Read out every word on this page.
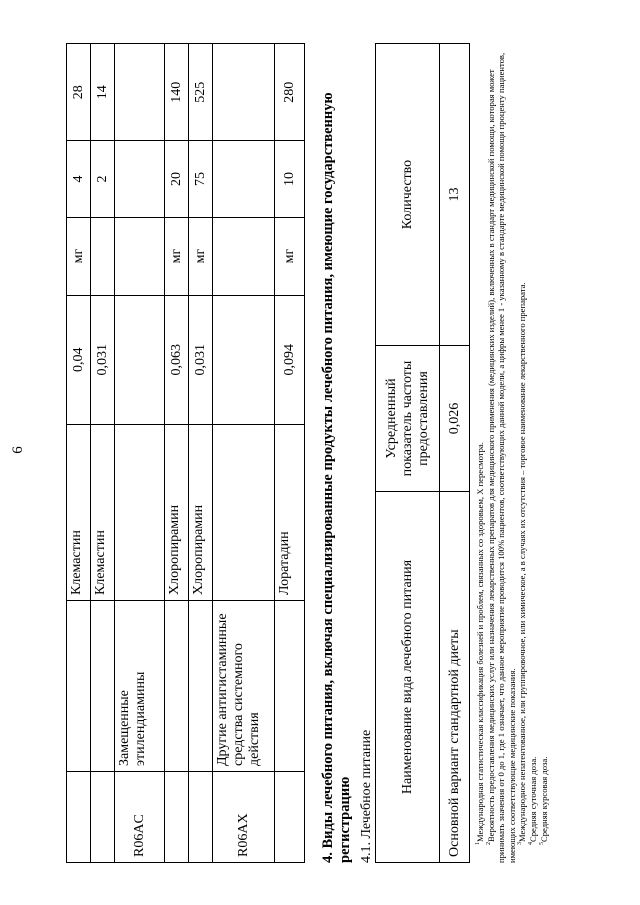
6
		Клемастин	0,04	мг	4	28
		Клемастин	0,031		2	14
R06AC	Замещенные этилендиамины					
		Хлоропирамин	0,063	мг	20	140
		Хлоропирамин	0,031	мг	75	525
R06AX	Другие антигистаминные средства системного действия					
		Лоратадин	0,094	мг	10	280
4. Виды лечебного питания, включая специализированные продукты лечебного питания, имеющие государственную регистрацию 4.1. Лечебное питание
Наименование вида лечебного питания	Усредненный показатель частоты предоставления	Количество
Основной вариант стандартной диеты	0,026	13

$^1$Международная статистическая классификация болезней и проблем, связанных со здоровьем, X пересмотра.

$^2$Вероятность предоставления медицинских услуг или назначения лекарственных препаратов для медицинского применения (медицинских изделий), включенных в стандарт медицинской помощи, которая может принимать значения от 0 до 1, где 1 означает, что данное мероприятие проводится 100% пациентов, соответствующих данной модели, а цифры менее 1 - указанному в стандарте медицинской помощи проценту пациентов, имеющих соответствующие медицинские показания. $^3$Международное непатентованное, или группировочное, или химическое, а в случаях их отсутствия – торговое наименование лекарственного препарата.

$^4$Средняя суточная доза.

$^5$Средняя курсовая доза.
